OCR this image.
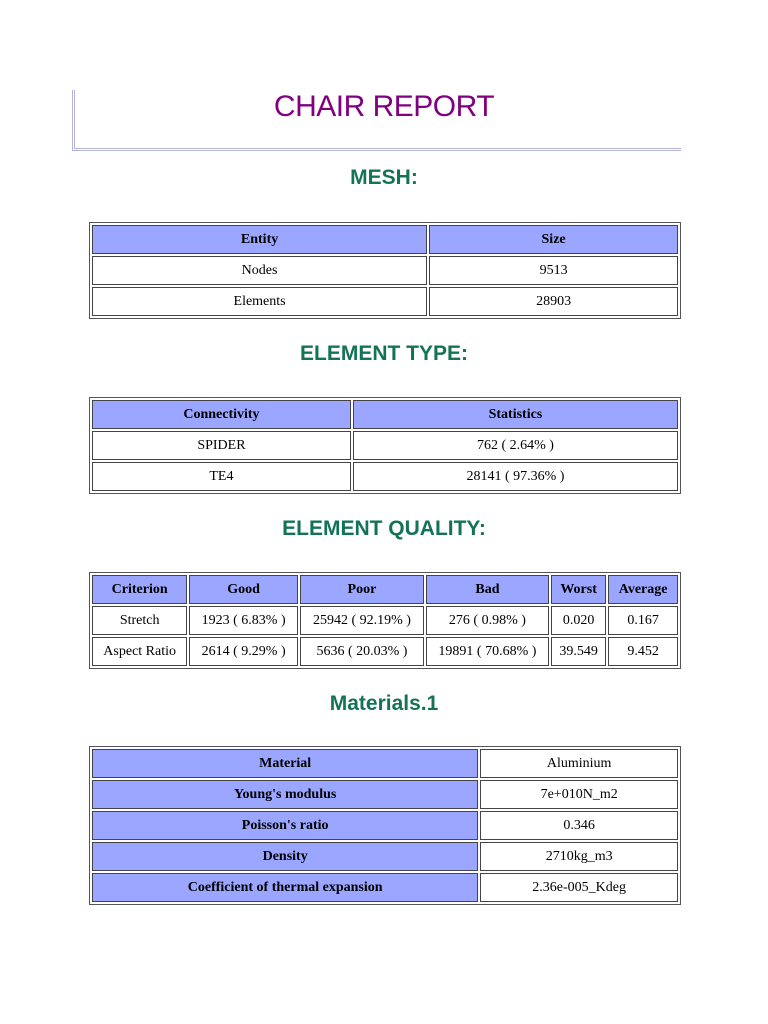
CHAIR REPORT
MESH:
Entity	Size
Nodes	9513
Elements	28903
ELEMENT TYPE:
Connectivity	Statistics
SPIDER	762 ( 2.64% )
TE4	28141 ( 97.36% )
ELEMENT QUALITY:
Criterion	Good	Poor	Bad	Worst	Average
Stretch	1923 ( 6.83% )	25942 ( 92.19% )	276 ( 0.98% )	0.020	0.167
Aspect Ratio	2614 ( 9.29% )	5636 ( 20.03% )	19891 ( 70.68% )	39.549	9.452
Materials.1
Material	Aluminium
Young's modulus	7e+010N_m2
Poisson's ratio	0.346
Density	2710kg_m3
Coefficient of thermal expansion	2.36e-005_Kdeg
